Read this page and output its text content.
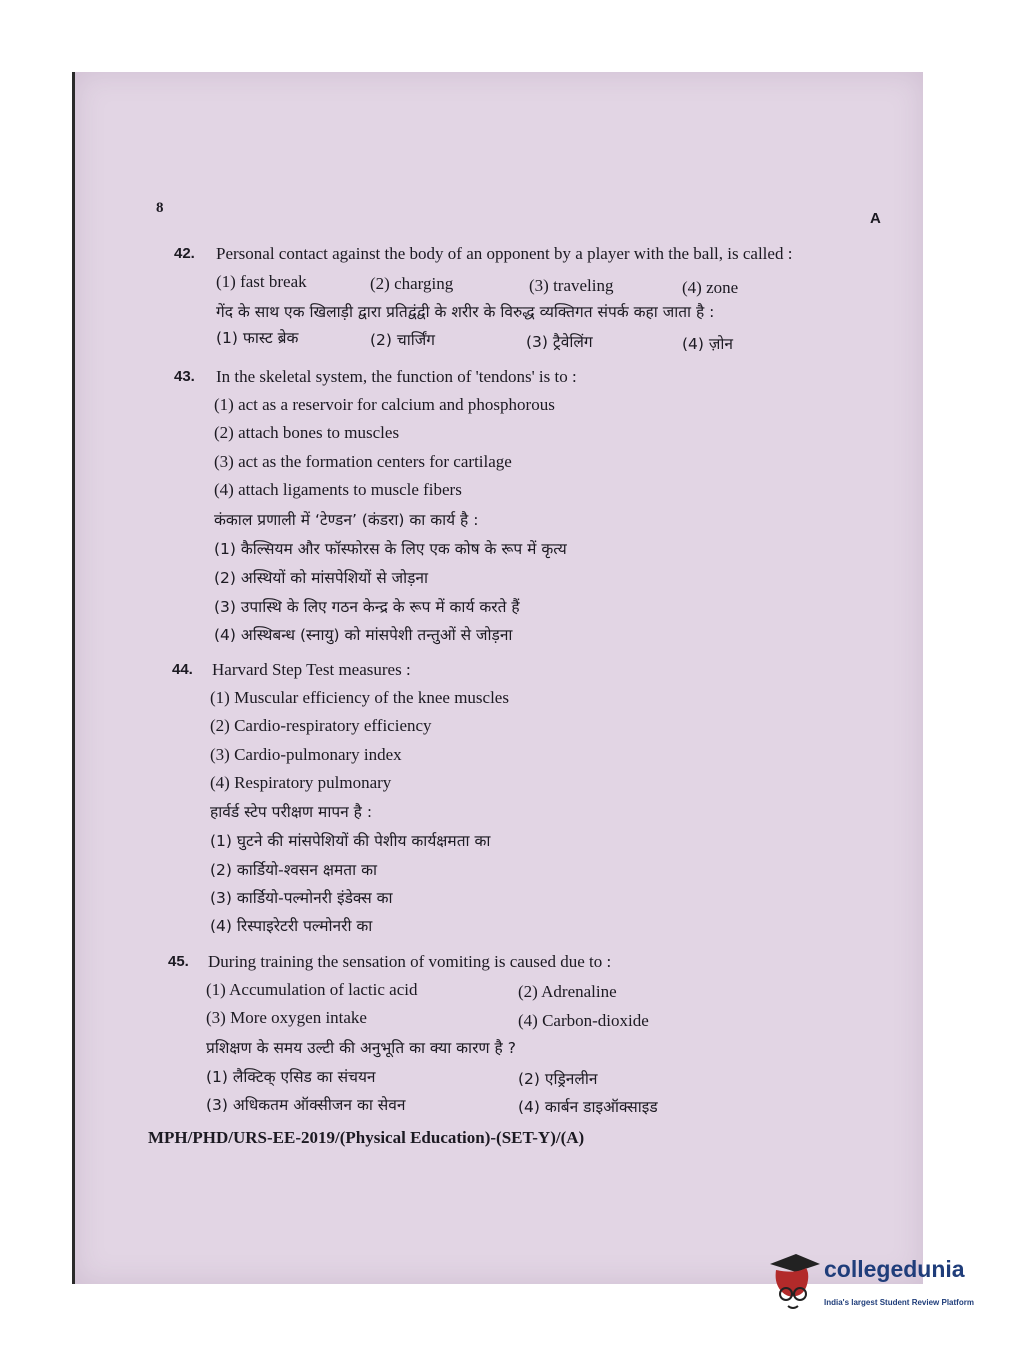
8
A
42. Personal contact against the body of an opponent by a player with the ball, is called :
(1) fast break	(2) charging	(3) traveling	(4) zone
गेंद के साथ एक खिलाड़ी द्वारा प्रतिद्वंद्वी के शरीर के विरुद्ध व्यक्तिगत संपर्क कहा जाता है :
(1) फास्ट ब्रेक	(2) चार्जिंग	(3) ट्रैवेलिंग	(4) ज़ोन
43. In the skeletal system, the function of 'tendons' is to :
(1) act as a reservoir for calcium and phosphorous
(2) attach bones to muscles
(3) act as the formation centers for cartilage
(4) attach ligaments to muscle fibers
कंकाल प्रणाली में ‘टेण्डन’ (कंडरा) का कार्य है :
(1) कैल्सियम और फॉस्फोरस के लिए एक कोष के रूप में कृत्य
(2) अस्थियों को मांसपेशियों से जोड़ना
(3) उपास्थि के लिए गठन केन्द्र के रूप में कार्य करते हैं
(4) अस्थिबन्ध (स्नायु) को मांसपेशी तन्तुओं से जोड़ना
44. Harvard Step Test measures :
(1) Muscular efficiency of the knee muscles
(2) Cardio-respiratory efficiency
(3) Cardio-pulmonary index
(4) Respiratory pulmonary
हार्वर्ड स्टेप परीक्षण मापन है :
(1) घुटने की मांसपेशियों की पेशीय कार्यक्षमता का
(2) कार्डियो-श्वसन क्षमता का
(3) कार्डियो-पल्मोनरी इंडेक्स का
(4) रिस्पाइरेटरी पल्मोनरी का
45. During training the sensation of vomiting is caused due to :
(1) Accumulation of lactic acid	(2) Adrenaline
(3) More oxygen intake	(4) Carbon-dioxide
प्रशिक्षण के समय उल्टी की अनुभूति का क्या कारण है ?
(1) लैक्टिक् एसिड का संचयन	(2) एड्रिनलीन
(3) अधिकतम ऑक्सीजन का सेवन	(4) कार्बन डाइऑक्साइड
MPH/PHD/URS-EE-2019/(Physical Education)-(SET-Y)/(A)
collegedunia
India's largest Student Review Platform
